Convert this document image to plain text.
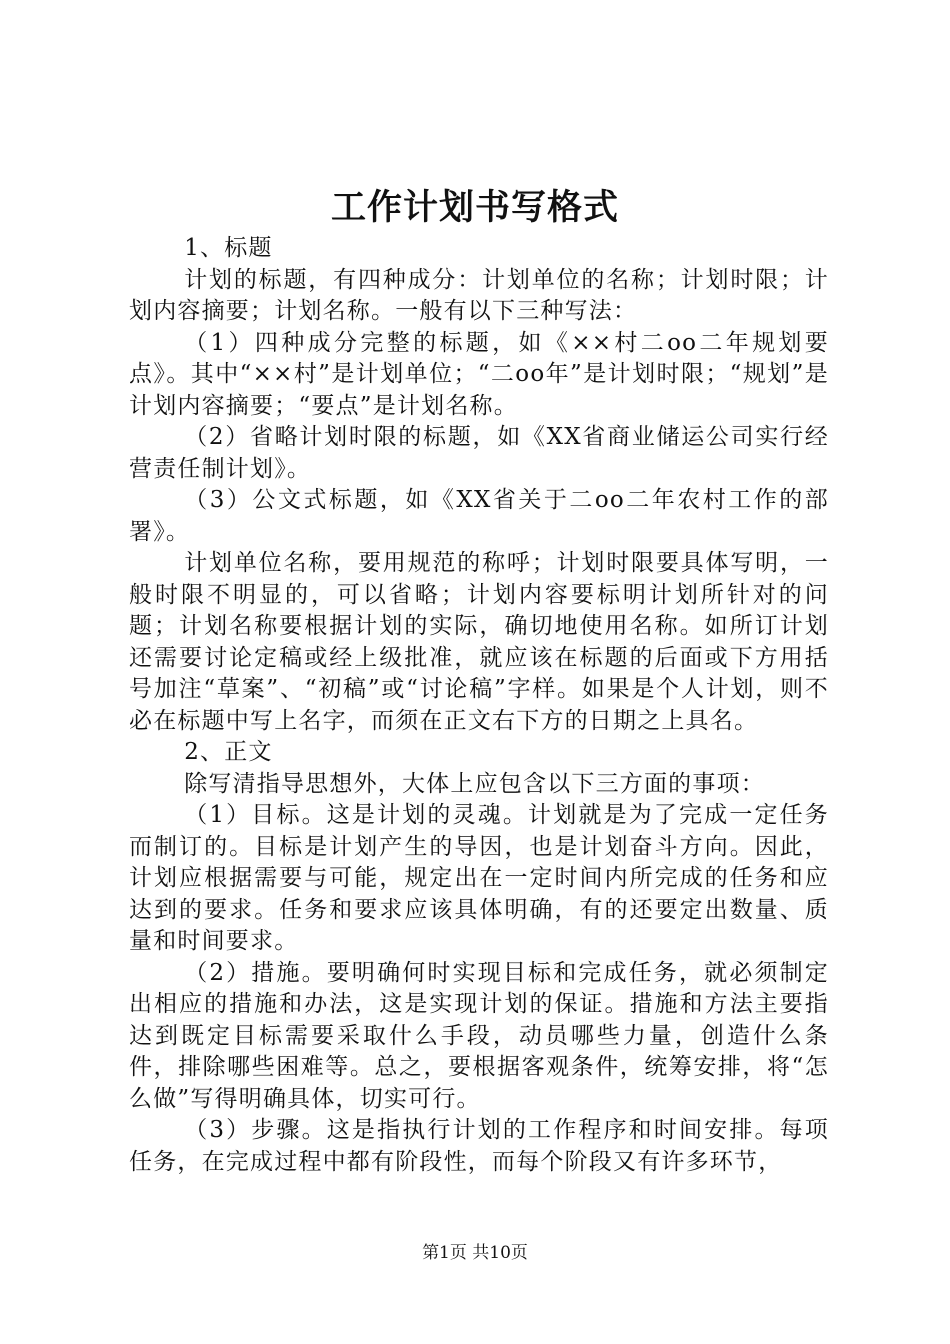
工作计划书写格式

1、标题

计划的标题，有四种成分：计划单位的名称；计划时限；计划内容摘要；计划名称。一般有以下三种写法：

（1）四种成分完整的标题，如《××村二oo二年规划要点》。其中“××村”是计划单位；“二oo年”是计划时限；“规划”是计划内容摘要；“要点”是计划名称。

（2）省略计划时限的标题，如《XX省商业储运公司实行经营责任制计划》。

（3）公文式标题，如《XX省关于二oo二年农村工作的部署》。

计划单位名称，要用规范的称呼；计划时限要具体写明，一般时限不明显的，可以省略；计划内容要标明计划所针对的问题；计划名称要根据计划的实际，确切地使用名称。如所订计划还需要讨论定稿或经上级批准，就应该在标题的后面或下方用括号加注“草案”、“初稿”或“讨论稿”字样。如果是个人计划，则不必在标题中写上名字，而须在正文右下方的日期之上具名。

2、正文

除写清指导思想外，大体上应包含以下三方面的事项：

（1）目标。这是计划的灵魂。计划就是为了完成一定任务而制订的。目标是计划产生的导因，也是计划奋斗方向。因此，计划应根据需要与可能，规定出在一定时间内所完成的任务和应达到的要求。任务和要求应该具体明确，有的还要定出数量、质量和时间要求。

（2）措施。要明确何时实现目标和完成任务，就必须制定出相应的措施和办法，这是实现计划的保证。措施和方法主要指达到既定目标需要采取什么手段，动员哪些力量，创造什么条件，排除哪些困难等。总之，要根据客观条件，统筹安排，将“怎么做”写得明确具体，切实可行。

（3）步骤。这是指执行计划的工作程序和时间安排。每项任务，在完成过程中都有阶段性，而每个阶段又有许多环节，

第1页 共10页
